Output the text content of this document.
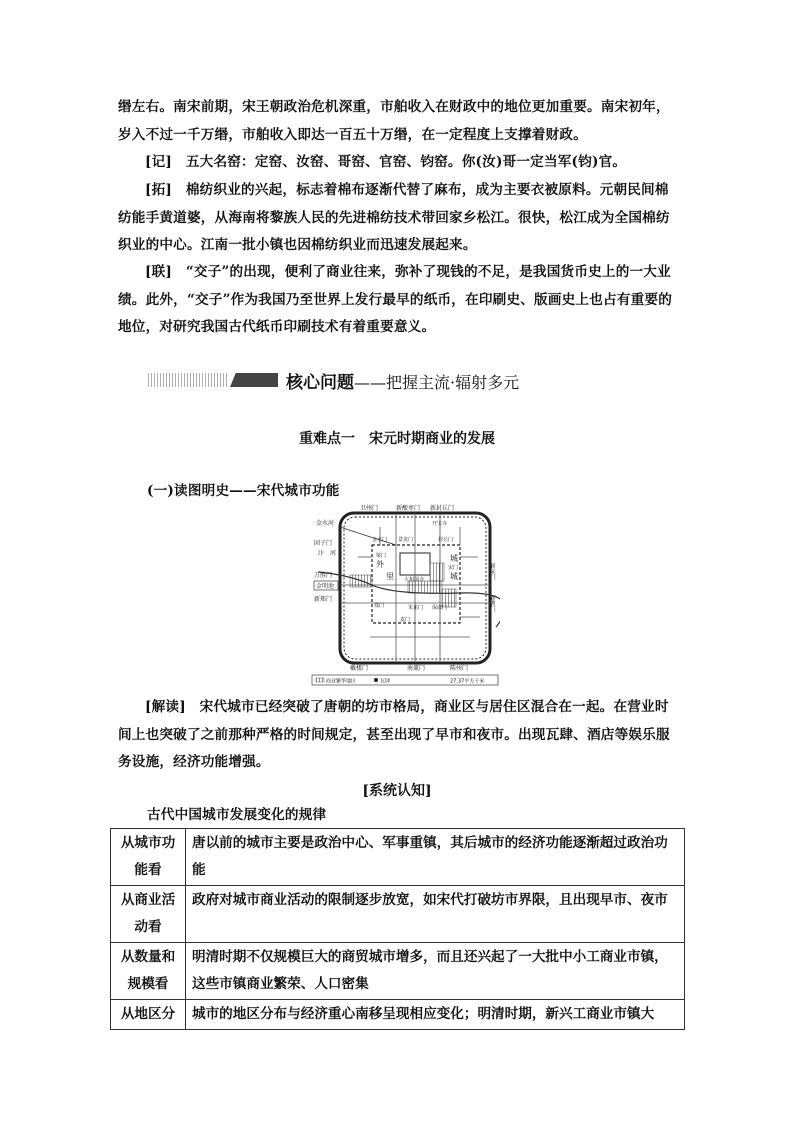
缗左右。南宋前期，宋王朝政治危机深重，市舶收入在财政中的地位更加重要。南宋初年，岁入不过一千万缗，市舶收入即达一百五十万缗，在一定程度上支撑着财政。

[记]　五大名窑：定窑、汝窑、哥窑、官窑、钧窑。你(汝)哥一定当军(钧)官。

[拓]　棉纺织业的兴起，标志着棉布逐渐代替了麻布，成为主要衣被原料。元朝民间棉纺能手黄道婆，从海南将黎族人民的先进棉纺技术带回家乡松江。很快，松江成为全国棉纺织业的中心。江南一批小镇也因棉纺织业而迅速发展起来。

[联]　“交子”的出现，便利了商业往来，弥补了现钱的不足，是我国货币史上的一大业绩。此外，“交子”作为我国乃至世界上发行最早的纸币，在印刷史、版画史上也占有重要的地位，对研究我国古代纸币印刷技术有着重要意义。

核心问题——把握主流·辐射多元
重难点一　宋元时期商业的发展
(一)读图明史——宋代城市功能
卫州门	新酸枣门 新封丘门
金水河
固子门
汴　河
万胜门
金明池
新郑门
新宋门
新曹门
戴楼门	南薰门	陈州门
外
里
城
城
开宝寺
封丘门
景龙门
金水门
梁门
大相国寺
宋门
郑门	朱雀门 保康门
麦门
商业繁华地区	瓦肆	27.37平方千米

[解读]　宋代城市已经突破了唐朝的坊市格局，商业区与居住区混合在一起。在营业时间上也突破了之前那种严格的时间规定，甚至出现了早市和夜市。出现瓦肆、酒店等娱乐服务设施，经济功能增强。

[系统认知]
古代中国城市发展变化的规律
从城市功能看	唐以前的城市主要是政治中心、军事重镇，其后城市的经济功能逐渐超过政治功能
从商业活动看	政府对城市商业活动的限制逐步放宽，如宋代打破坊市界限，且出现早市、夜市
从数量和规模看	明清时期不仅规模巨大的商贸城市增多，而且还兴起了一大批中小工商业市镇，这些市镇商业繁荣、人口密集
从地区分	城市的地区分布与经济重心南移呈现相应变化；明清时期，新兴工商业市镇大
